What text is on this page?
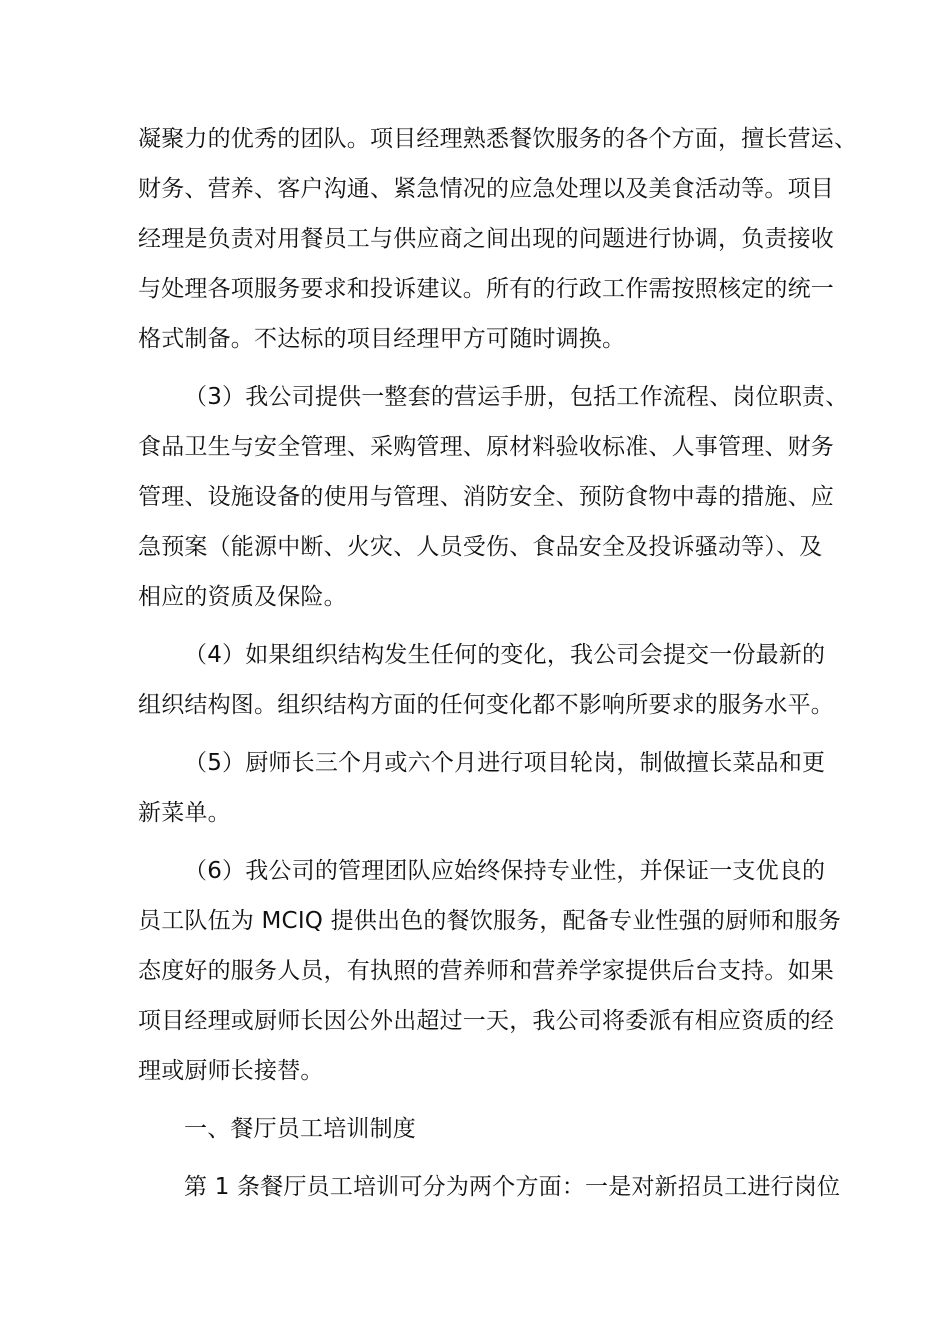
凝聚力的优秀的团队。项目经理熟悉餐饮服务的各个方面，擅长营运、

财务、营养、客户沟通、紧急情况的应急处理以及美食活动等。项目

经理是负责对用餐员工与供应商之间出现的问题进行协调，负责接收

与处理各项服务要求和投诉建议。所有的行政工作需按照核定的统一

格式制备。不达标的项目经理甲方可随时调换。

（3）我公司提供一整套的营运手册，包括工作流程、岗位职责、

食品卫生与安全管理、采购管理、原材料验收标准、人事管理、财务

管理、设施设备的使用与管理、消防安全、预防食物中毒的措施、应

急预案（能源中断、火灾、人员受伤、食品安全及投诉骚动等）、及

相应的资质及保险。

（4）如果组织结构发生任何的变化，我公司会提交一份最新的

组织结构图。组织结构方面的任何变化都不影响所要求的服务水平。

（5）厨师长三个月或六个月进行项目轮岗，制做擅长菜品和更

新菜单。

（6）我公司的管理团队应始终保持专业性，并保证一支优良的

员工队伍为 MCIQ 提供出色的餐饮服务，配备专业性强的厨师和服务

态度好的服务人员，有执照的营养师和营养学家提供后台支持。如果

项目经理或厨师长因公外出超过一天，我公司将委派有相应资质的经

理或厨师长接替。

一、餐厅员工培训制度

第 1 条餐厅员工培训可分为两个方面：一是对新招员工进行岗位
